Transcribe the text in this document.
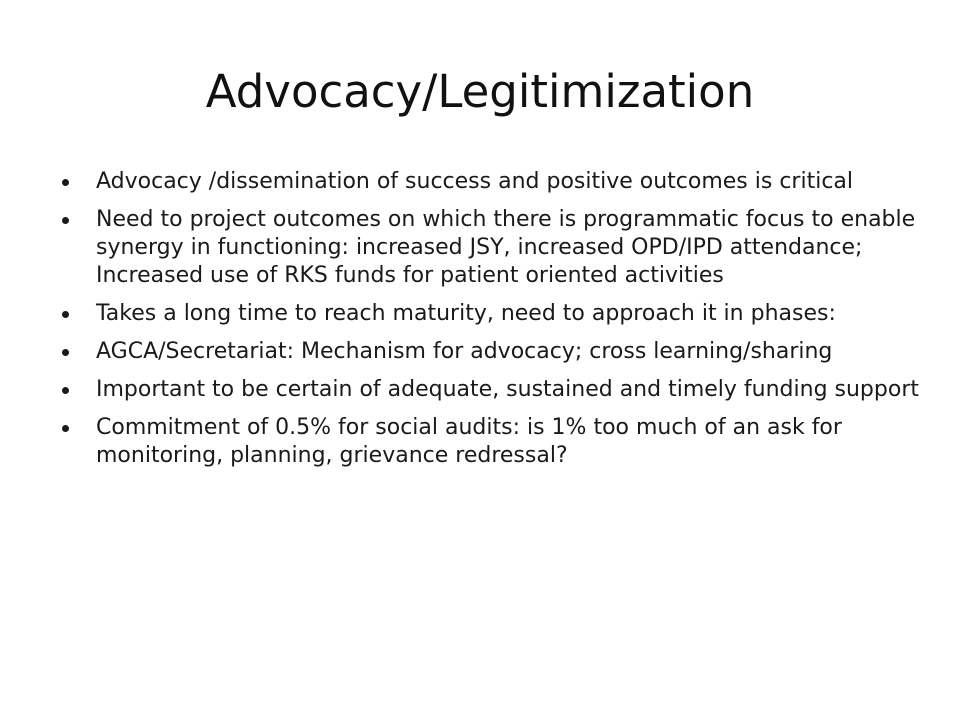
Advocacy/Legitimization
Advocacy /dissemination of success and positive outcomes is critical
Need to project outcomes on which there is programmatic focus to enable synergy in functioning: increased JSY, increased OPD/IPD attendance; Increased use of RKS funds for patient oriented activities
Takes a long time to reach maturity, need to approach it in phases:
AGCA/Secretariat: Mechanism for advocacy; cross learning/sharing
Important to be certain of adequate, sustained and timely funding support
Commitment of 0.5% for social audits: is 1% too much of an ask for monitoring, planning, grievance redressal?
